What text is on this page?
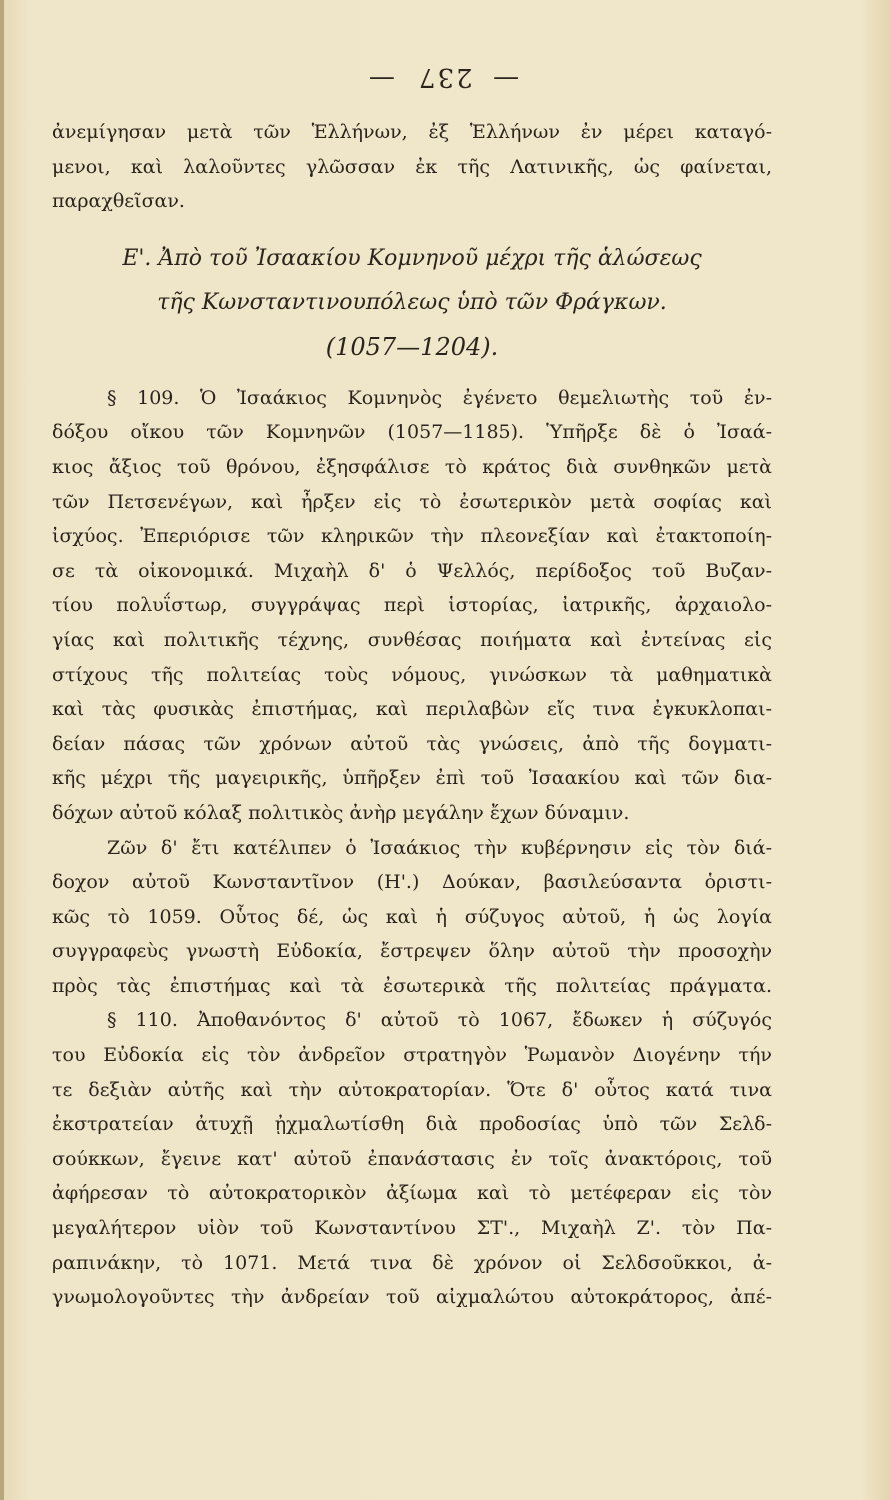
— 237 —
ἀνεμίγησαν μετὰ τῶν Ἑλλήνων, ἐξ Ἑλλήνων ἐν μέρει καταγό-
μενοι, καὶ λαλοῦντες γλῶσσαν ἐκ τῆς Λατινικῆς, ὡς φαίνεται,
παραχθεῖσαν.
Ε'. Ἀπὸ τοῦ Ἰσαακίου Κομνηνοῦ μέχρι τῆς ἁλώσεως
τῆς Κωνσταντινουπόλεως ὑπὸ τῶν Φράγκων.
(1057—1204).
§ 109. Ὁ Ἰσαάκιος Κομνηνὸς ἐγένετο θεμελιωτὴς τοῦ ἐν-
δόξου οἴκου τῶν Κομνηνῶν (1057—1185). Ὑπῆρξε δὲ ὁ Ἰσαά-
κιος ἄξιος τοῦ θρόνου, ἐξησφάλισε τὸ κράτος διὰ συνθηκῶν μετὰ
τῶν Πετσενέγων, καὶ ἦρξεν εἰς τὸ ἐσωτερικὸν μετὰ σοφίας καὶ
ἰσχύος. Ἐπεριόρισε τῶν κληρικῶν τὴν πλεονεξίαν καὶ ἐτακτοποίη-
σε τὰ οἰκονομικά. Μιχαὴλ δ' ὁ Ψελλός, περίδοξος τοῦ Βυζαν-
τίου πολυΐστωρ, συγγράψας περὶ ἱστορίας, ἰατρικῆς, ἀρχαιολο-
γίας καὶ πολιτικῆς τέχνης, συνθέσας ποιήματα καὶ ἐντείνας εἰς
στίχους τῆς πολιτείας τοὺς νόμους, γινώσκων τὰ μαθηματικὰ
καὶ τὰς φυσικὰς ἐπιστήμας, καὶ περιλαβὼν εἴς τινα ἐγκυκλοπαι-
δείαν πάσας τῶν χρόνων αὐτοῦ τὰς γνώσεις, ἀπὸ τῆς δογματι-
κῆς μέχρι τῆς μαγειρικῆς, ὑπῆρξεν ἐπὶ τοῦ Ἰσαακίου καὶ τῶν δια-
δόχων αὐτοῦ κόλαξ πολιτικὸς ἀνὴρ μεγάλην ἔχων δύναμιν.
Ζῶν δ' ἔτι κατέλιπεν ὁ Ἰσαάκιος τὴν κυβέρνησιν εἰς τὸν διά-
δοχον αὐτοῦ Κωνσταντῖνον (Η'.) Δούκαν, βασιλεύσαντα ὁριστι-
κῶς τὸ 1059. Οὗτος δέ, ὡς καὶ ἡ σύζυγος αὐτοῦ, ἡ ὡς λογία
συγγραφεὺς γνωστὴ Εὐδοκία, ἔστρεψεν ὅλην αὐτοῦ τὴν προσοχὴν
πρὸς τὰς ἐπιστήμας καὶ τὰ ἐσωτερικὰ τῆς πολιτείας πράγματα.
§ 110. Ἀποθανόντος δ' αὐτοῦ τὸ 1067, ἔδωκεν ἡ σύζυγός
του Εὐδοκία εἰς τὸν ἀνδρεῖον στρατηγὸν Ῥωμανὸν Διογένην τήν
τε δεξιὰν αὐτῆς καὶ τὴν αὐτοκρατορίαν. Ὅτε δ' οὗτος κατά τινα
ἐκστρατείαν ἀτυχῇ ᾐχμαλωτίσθη διὰ προδοσίας ὑπὸ τῶν Σελδ-
σούκκων, ἔγεινε κατ' αὐτοῦ ἐπανάστασις ἐν τοῖς ἀνακτόροις, τοῦ
ἀφήρεσαν τὸ αὐτοκρατορικὸν ἀξίωμα καὶ τὸ μετέφεραν εἰς τὸν
μεγαλήτερον υἱὸν τοῦ Κωνσταντίνου ΣΤ'., Μιχαὴλ Ζ'. τὸν Πα-
ραπινάκην, τὸ 1071. Μετά τινα δὲ χρόνον οἱ Σελδσοῦκκοι, ἀ-
γνωμολογοῦντες τὴν ἀνδρείαν τοῦ αἰχμαλώτου αὐτοκράτορος, ἀπέ-
